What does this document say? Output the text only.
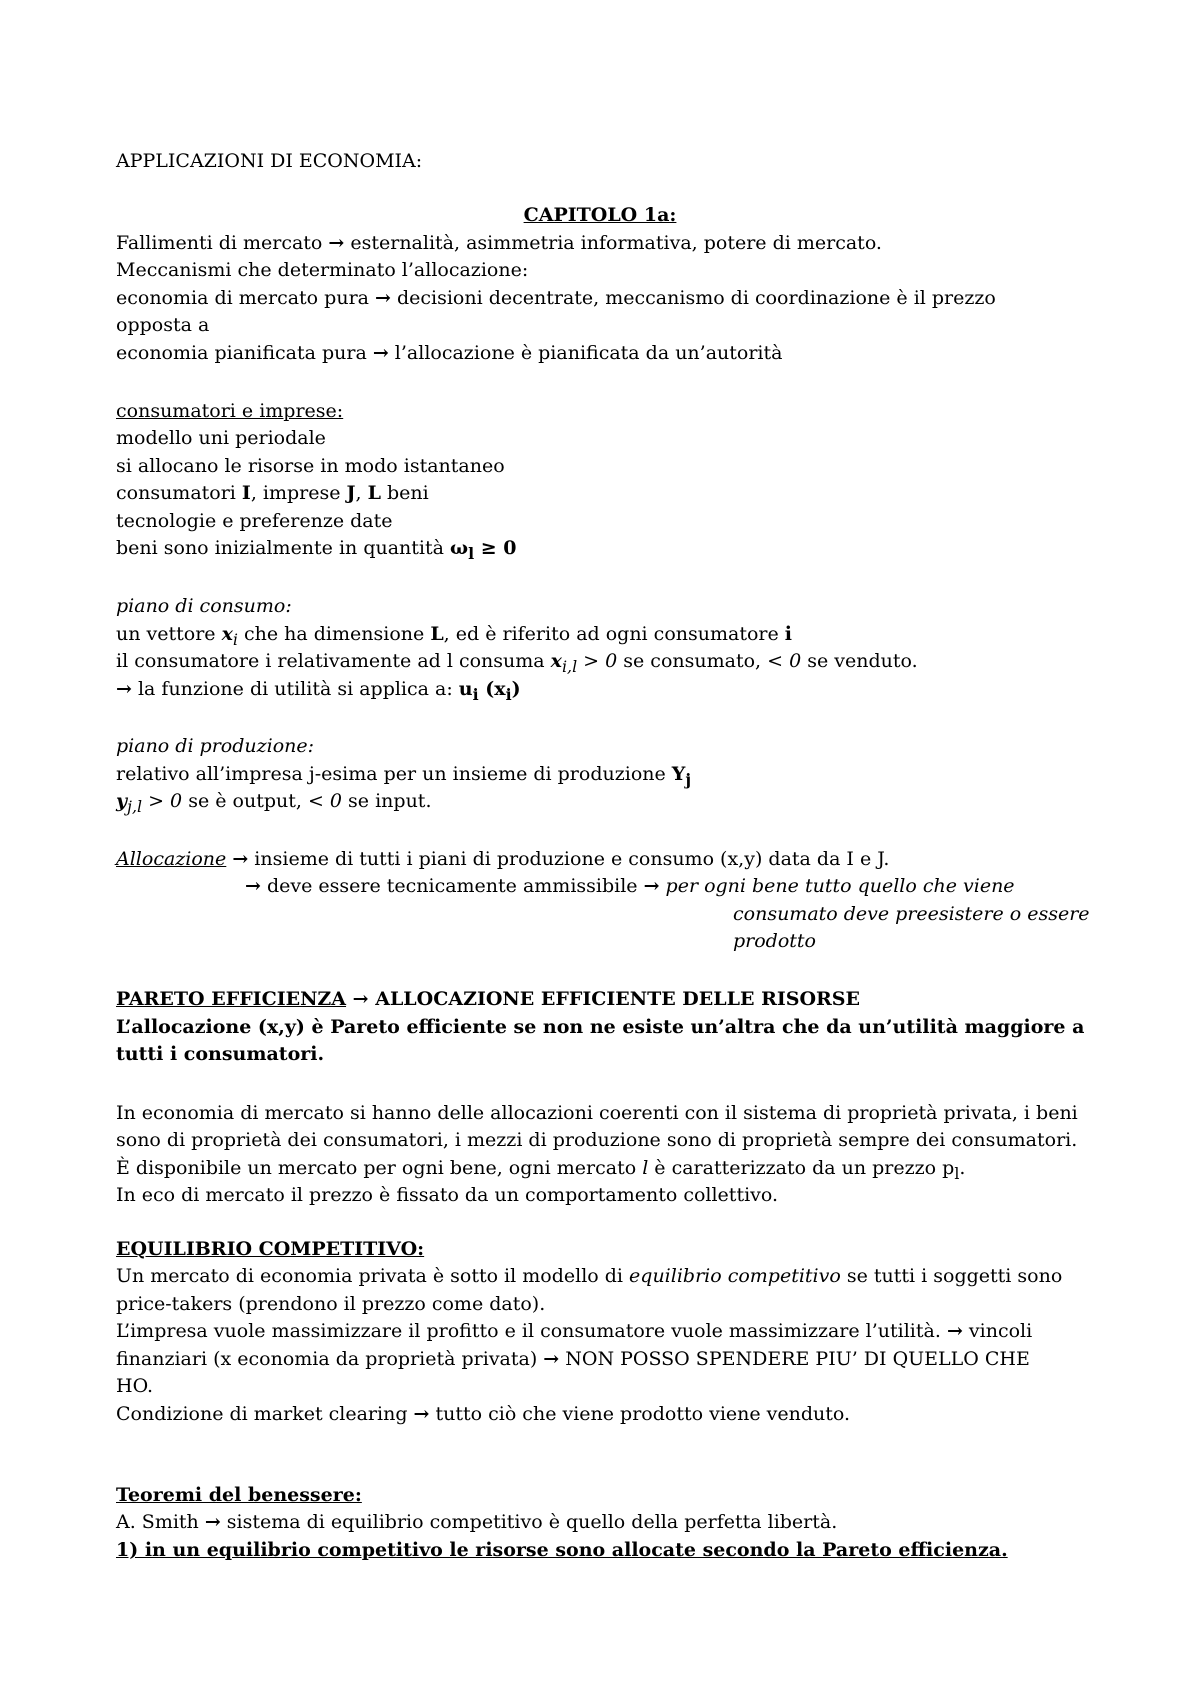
APPLICAZIONI DI ECONOMIA:
CAPITOLO 1a:
Fallimenti di mercato → esternalità, asimmetria informativa, potere di mercato.
Meccanismi che determinato l’allocazione:
economia di mercato pura → decisioni decentrate, meccanismo di coordinazione è il prezzo
opposta a
economia pianificata pura → l’allocazione è pianificata da un’autorità
consumatori e imprese:
modello uni periodale
si allocano le risorse in modo istantaneo
consumatori I, imprese J, L beni
tecnologie e preferenze date
beni sono inizialmente in quantità $\omega_l \ge 0$
piano di consumo:
un vettore $x_i$ che ha dimensione L, ed è riferito ad ogni consumatore i
il consumatore i relativamente ad l consuma $x_{i,l} > 0$ se consumato, < 0 se venduto.
→ la funzione di utilità si applica a: $u_i$ $(x_i)$
piano di produzione:
relativo all’impresa j-esima per un insieme di produzione $Y_j$
$y_{j,l} > 0$ se è output, < 0 se input.
Allocazione → insieme di tutti i piani di produzione e consumo (x,y) data da I e J.
→ deve essere tecnicamente ammissibile → per ogni bene tutto quello che viene
consumato deve preesistere o essere
prodotto
PARETO EFFICIENZA → ALLOCAZIONE EFFICIENTE DELLE RISORSE
L’allocazione (x,y) è Pareto efficiente se non ne esiste un’altra che da un’utilità maggiore a
tutti i consumatori.
In economia di mercato si hanno delle allocazioni coerenti con il sistema di proprietà privata, i beni
sono di proprietà dei consumatori, i mezzi di produzione sono di proprietà sempre dei consumatori.
È disponibile un mercato per ogni bene, ogni mercato l è caratterizzato da un prezzo $p_l$.
In eco di mercato il prezzo è fissato da un comportamento collettivo.
EQUILIBRIO COMPETITIVO:
Un mercato di economia privata è sotto il modello di equilibrio competitivo se tutti i soggetti sono
price-takers (prendono il prezzo come dato).
L’impresa vuole massimizzare il profitto e il consumatore vuole massimizzare l’utilità. → vincoli
finanziari (x economia da proprietà privata) → NON POSSO SPENDERE PIU’ DI QUELLO CHE
HO.
Condizione di market clearing → tutto ciò che viene prodotto viene venduto.
Teoremi del benessere:
A. Smith → sistema di equilibrio competitivo è quello della perfetta libertà.
1) in un equilibrio competitivo le risorse sono allocate secondo la Pareto efficienza.
